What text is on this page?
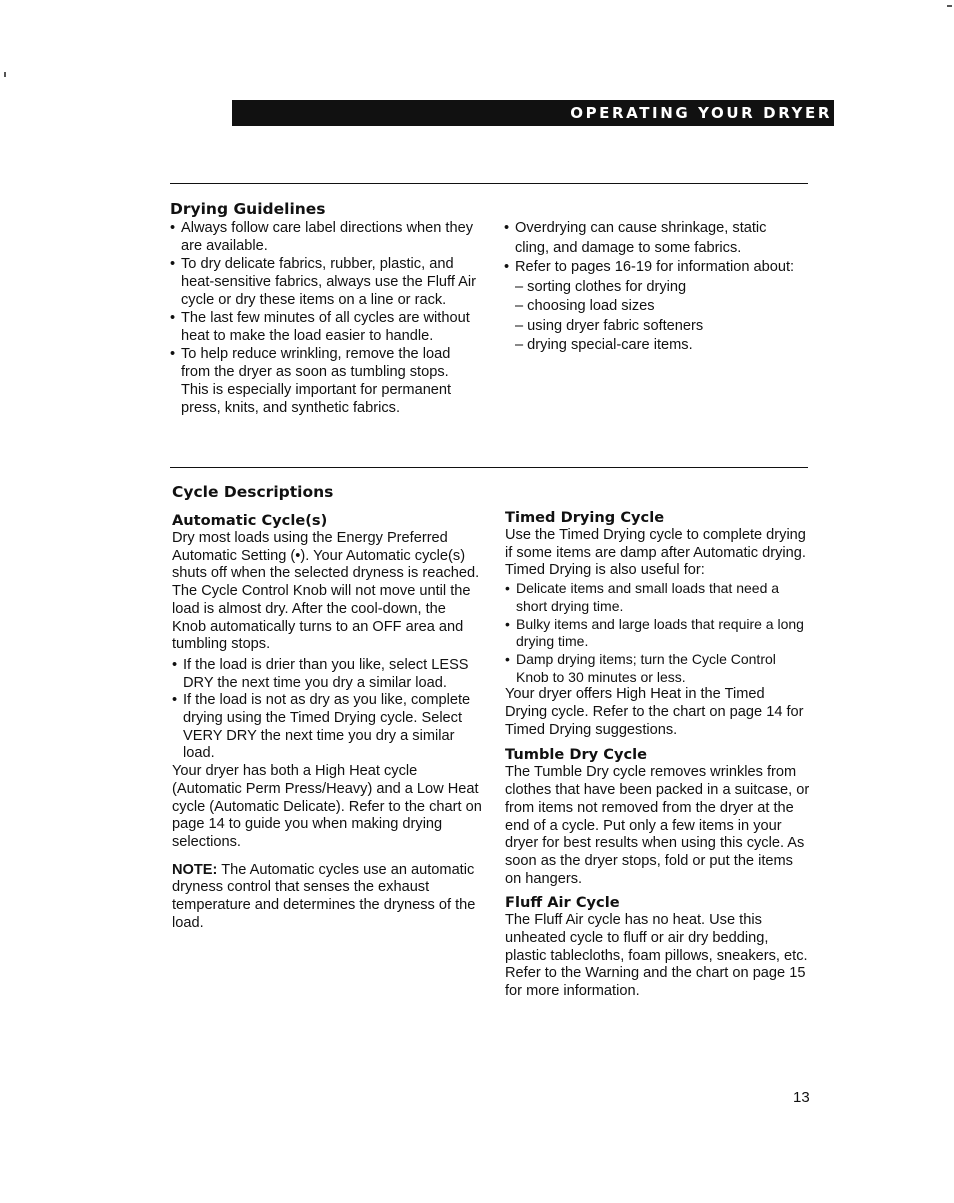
OPERATING YOUR DRYER
Drying Guidelines
• Always follow care label directions when they are available.
• To dry delicate fabrics, rubber, plastic, and heat-sensitive fabrics, always use the Fluff Air cycle or dry these items on a line or rack.
• The last few minutes of all cycles are without heat to make the load easier to handle.
• To help reduce wrinkling, remove the load from the dryer as soon as tumbling stops. This is especially important for permanent press, knits, and synthetic fabrics.
• Overdrying can cause shrinkage, static cling, and damage to some fabrics.
• Refer to pages 16-19 for information about:
– sorting clothes for drying
– choosing load sizes
– using dryer fabric softeners
– drying special-care items.
Cycle Descriptions
Automatic Cycle(s)

Dry most loads using the Energy Preferred Automatic Setting (•). Your Automatic cycle(s) shuts off when the selected dryness is reached. The Cycle Control Knob will not move until the load is almost dry. After the cool-down, the Knob automatically turns to an OFF area and tumbling stops.

• If the load is drier than you like, select LESS DRY the next time you dry a similar load.
• If the load is not as dry as you like, complete drying using the Timed Drying cycle. Select VERY DRY the next time you dry a similar load.

Your dryer has both a High Heat cycle (Automatic Perm Press/Heavy) and a Low Heat cycle (Automatic Delicate). Refer to the chart on page 14 to guide you when making drying selections.

NOTE: The Automatic cycles use an automatic dryness control that senses the exhaust temperature and determines the dryness of the load.

Timed Drying Cycle

Use the Timed Drying cycle to complete drying if some items are damp after Automatic drying. Timed Drying is also useful for:

• Delicate items and small loads that need a short drying time.
• Bulky items and large loads that require a long drying time.
• Damp drying items; turn the Cycle Control Knob to 30 minutes or less.

Your dryer offers High Heat in the Timed Drying cycle. Refer to the chart on page 14 for Timed Drying suggestions.

Tumble Dry Cycle

The Tumble Dry cycle removes wrinkles from clothes that have been packed in a suitcase, or from items not removed from the dryer at the end of a cycle. Put only a few items in your dryer for best results when using this cycle. As soon as the dryer stops, fold or put the items on hangers.

Fluff Air Cycle

The Fluff Air cycle has no heat. Use this unheated cycle to fluff or air dry bedding, plastic tablecloths, foam pillows, sneakers, etc. Refer to the Warning and the chart on page 15 for more information.

13
